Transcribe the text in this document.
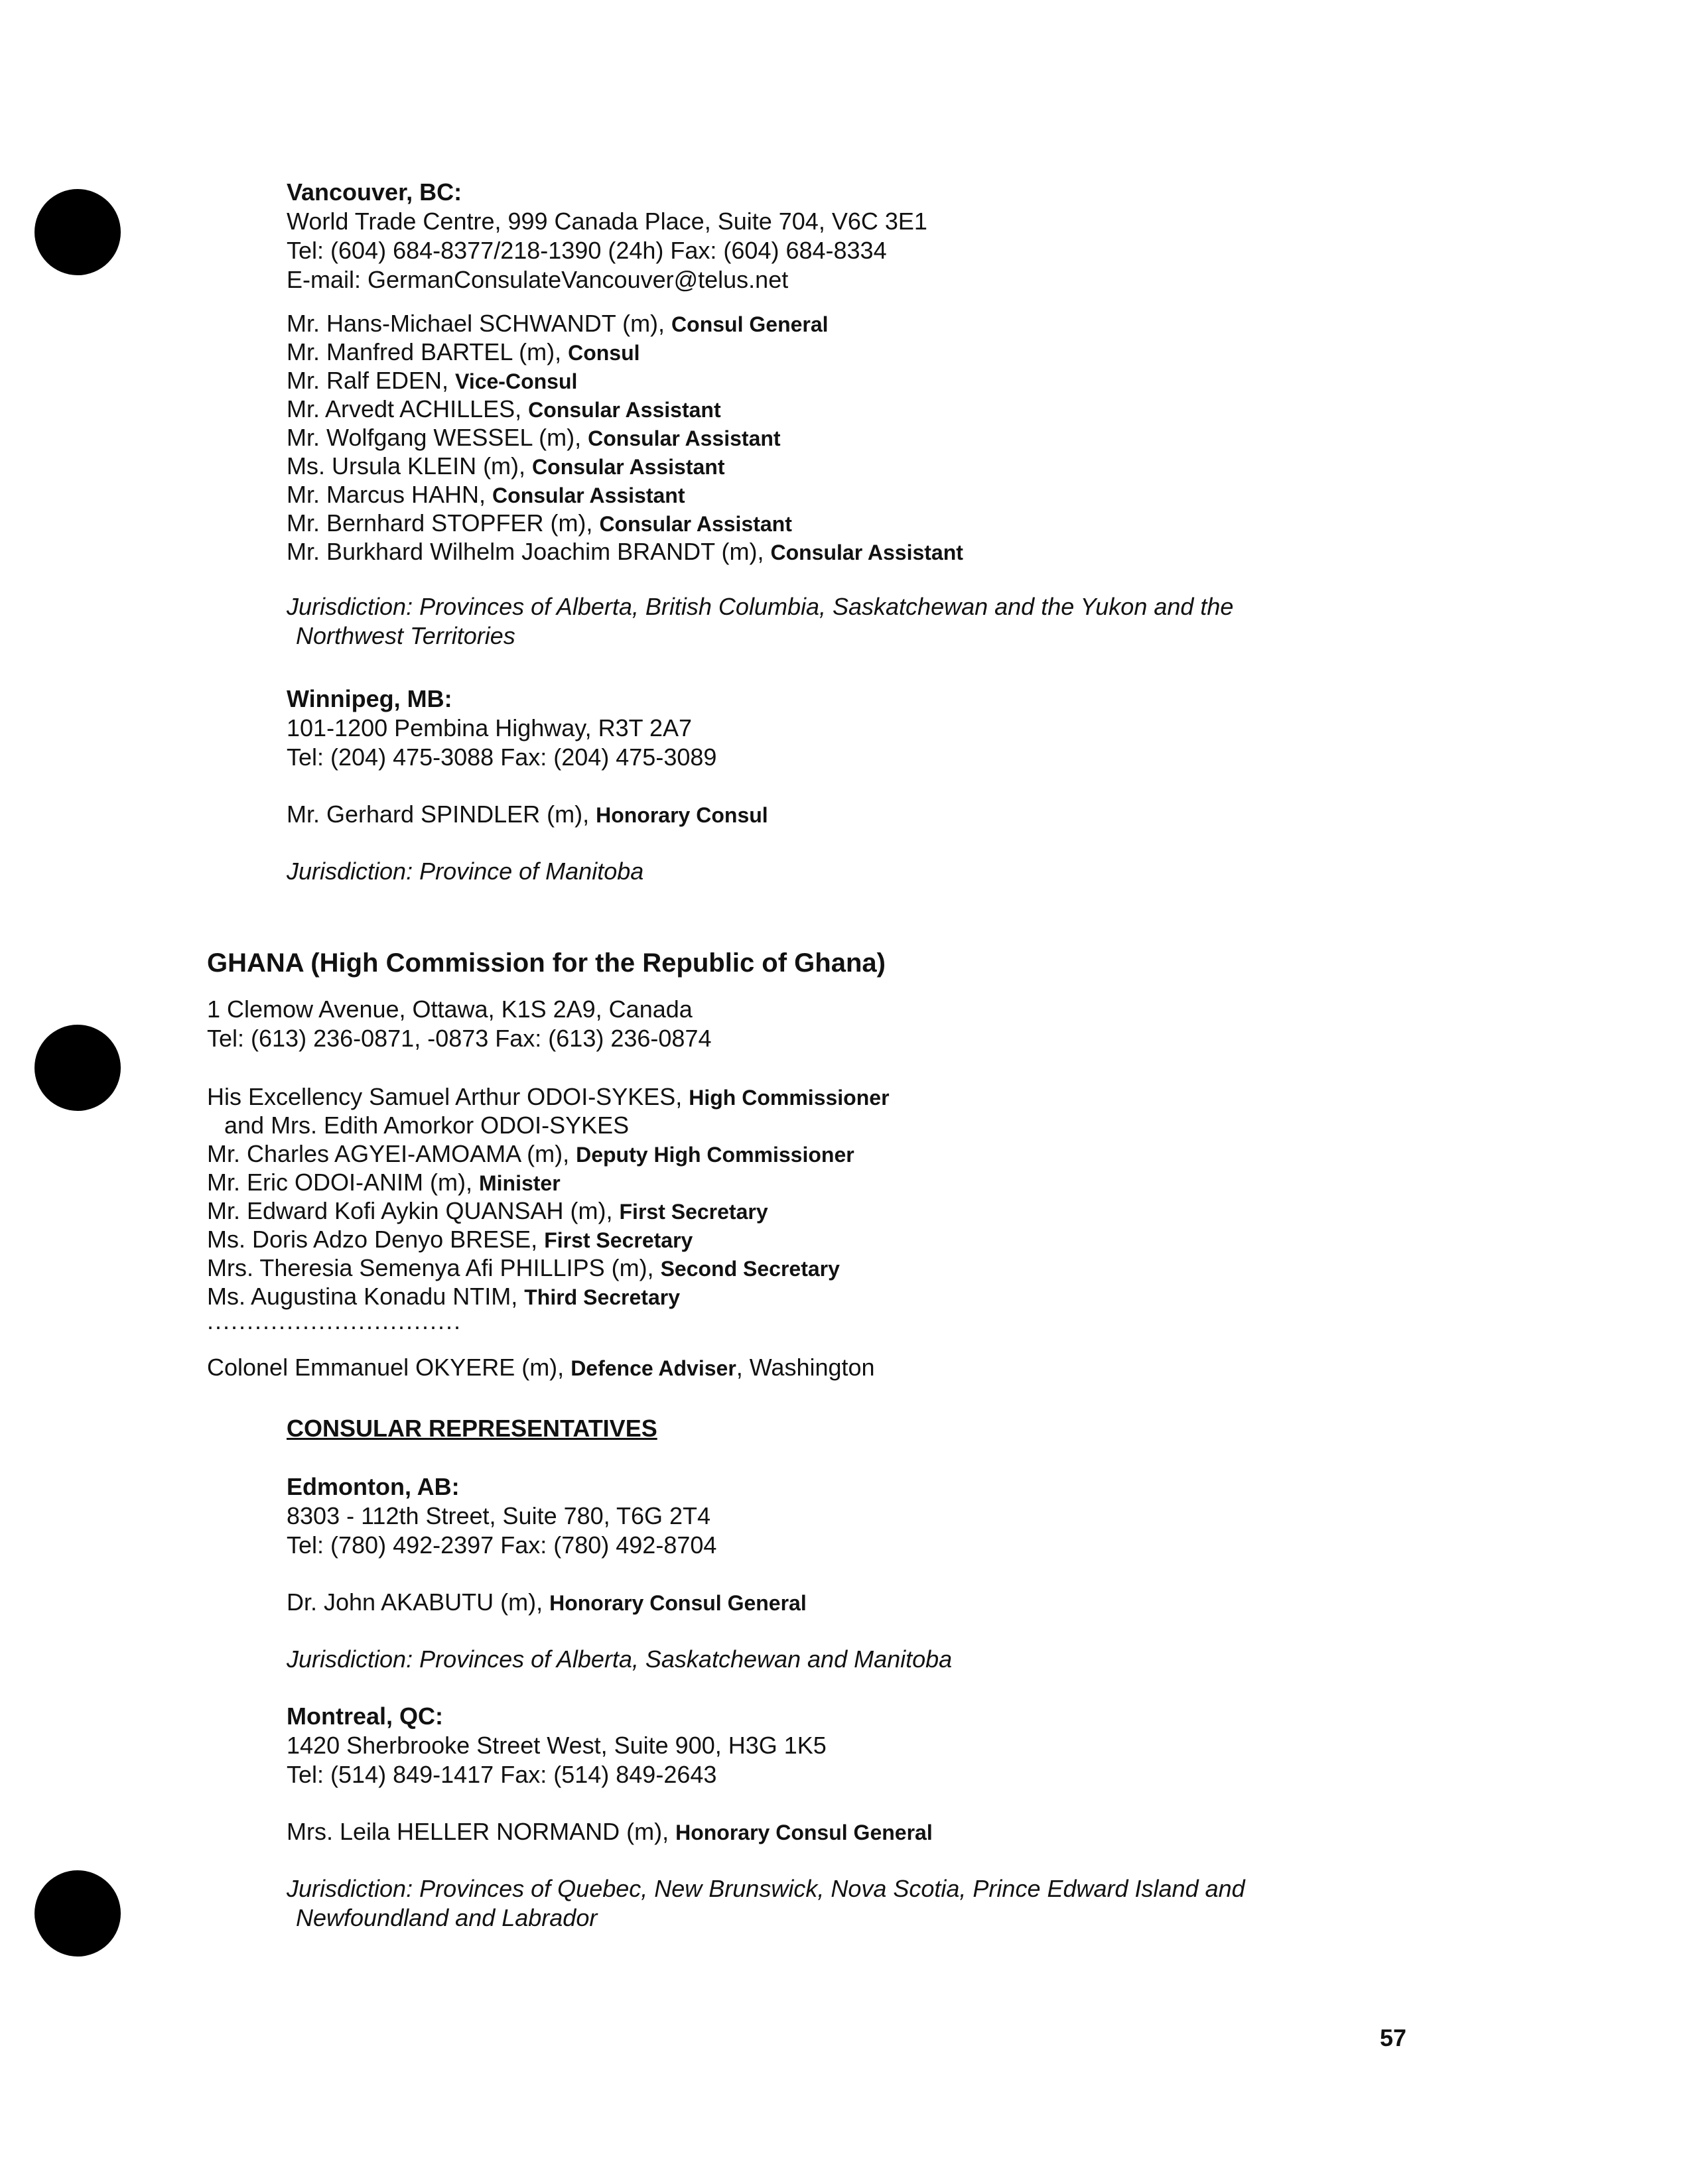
Vancouver, BC:
World Trade Centre, 999 Canada Place, Suite 704, V6C 3E1
Tel: (604) 684-8377/218-1390 (24h) Fax: (604) 684-8334
E-mail: GermanConsulateVancouver@telus.net
Mr. Hans-Michael SCHWANDT (m), Consul General
Mr. Manfred BARTEL (m), Consul
Mr. Ralf EDEN, Vice-Consul
Mr. Arvedt ACHILLES, Consular Assistant
Mr. Wolfgang WESSEL (m), Consular Assistant
Ms. Ursula KLEIN (m), Consular Assistant
Mr. Marcus HAHN, Consular Assistant
Mr. Bernhard STOPFER (m), Consular Assistant
Mr. Burkhard Wilhelm Joachim BRANDT (m), Consular Assistant
Jurisdiction: Provinces of Alberta, British Columbia, Saskatchewan and the Yukon and the
Northwest Territories
Winnipeg, MB:
101-1200 Pembina Highway, R3T 2A7
Tel: (204) 475-3088 Fax: (204) 475-3089
Mr. Gerhard SPINDLER (m), Honorary Consul
Jurisdiction: Province of Manitoba
GHANA (High Commission for the Republic of Ghana)
1 Clemow Avenue, Ottawa, K1S 2A9, Canada
Tel: (613) 236-0871, -0873 Fax: (613) 236-0874
His Excellency Samuel Arthur ODOI-SYKES, High Commissioner
and Mrs. Edith Amorkor ODOI-SYKES
Mr. Charles AGYEI-AMOAMA (m), Deputy High Commissioner
Mr. Eric ODOI-ANIM (m), Minister
Mr. Edward Kofi Aykin QUANSAH (m), First Secretary
Ms. Doris Adzo Denyo BRESE, First Secretary
Mrs. Theresia Semenya Afi PHILLIPS (m), Second Secretary
Ms. Augustina Konadu NTIM, Third Secretary
................................
Colonel Emmanuel OKYERE (m), Defence Adviser, Washington
CONSULAR REPRESENTATIVES
Edmonton, AB:
8303 - 112th Street, Suite 780, T6G 2T4
Tel: (780) 492-2397 Fax: (780) 492-8704
Dr. John AKABUTU (m), Honorary Consul General
Jurisdiction: Provinces of Alberta, Saskatchewan and Manitoba
Montreal, QC:
1420 Sherbrooke Street West, Suite 900, H3G 1K5
Tel: (514) 849-1417 Fax: (514) 849-2643
Mrs. Leila HELLER NORMAND (m), Honorary Consul General
Jurisdiction: Provinces of Quebec, New Brunswick, Nova Scotia, Prince Edward Island and
Newfoundland and Labrador
57
